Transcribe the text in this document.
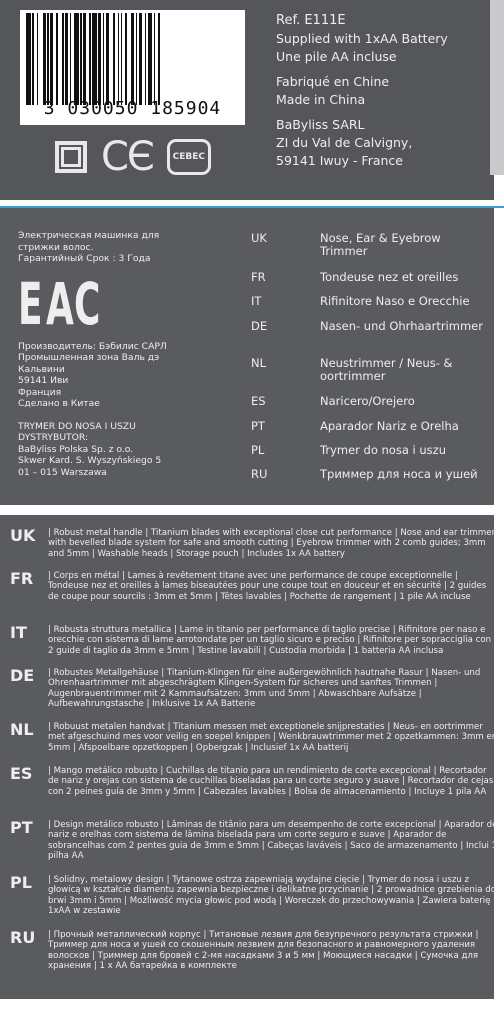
3 030050 185904
CЄ	CEBEC
Ref. E111E
Supplied with 1xAA Battery
Une pile AA incluse
Fabriqué en Chine
Made in China
BaByliss SARL
ZI du Val de Calvigny,
59141 Iwuy - France
Электрическая машинка для
стрижки волос.
Гарантийный Срок : 3 Года
E A C
Производитель: Бэбилис САРЛ
Промышленная зона Валь дэ
Кальвини
59141 Иви
Франция
Сделано в Китае
TRYMER DO NOSA I USZU
DYSTRYBUTOR:
BaByliss Polska Sp. z o.o.
Skwer Kard. S. Wyszyńskiego 5
01 – 015 Warszawa
UK	Nose, Ear & Eyebrow Trimmer
FR	Tondeuse nez et oreilles
IT	Rifinitore Naso e Orecchie
DE	Nasen- und Ohrhaartrimmer
NL	Neustrimmer / Neus- & oortrimmer
ES	Naricero/Orejero
PT	Aparador Nariz e Orelha
PL	Trymer do nosa i uszu
RU	Триммер для носа и ушей
UK | Robust metal handle | Titanium blades with exceptional close cut performance | Nose and ear trimmer with bevelled blade system for safe and smooth cutting | Eyebrow trimmer with 2 comb guides; 3mm and 5mm | Washable heads | Storage pouch | Includes 1x AA battery
FR | Corps en métal | Lames à revêtement titane avec une performance de coupe exceptionnelle | Tondeuse nez et oreilles à lames biseautées pour une coupe tout en douceur et en sécurité | 2 guides de coupe pour sourcils : 3mm et 5mm | Têtes lavables | Pochette de rangement | 1 pile AA incluse
IT | Robusta struttura metallica | Lame in titanio per performance di taglio precise | Rifinitore per naso e orecchie con sistema di lame arrotondate per un taglio sicuro e preciso | Rifinitore per sopracciglia con 2 guide di taglio da 3mm e 5mm | Testine lavabili | Custodia morbida | 1 batteria AA inclusa
DE | Robustes Metallgehäuse | Titanium-Klingen für eine außergewöhnlich hautnahe Rasur | Nasen- und Ohrenhaartrimmer mit abgeschrägtem Klingen-System für sicheres und sanftes Trimmen | Augenbrauentrimmer mit 2 Kammaufsätzen: 3mm und 5mm | Abwaschbare Aufsätze | Aufbewahrungstasche | Inklusive 1x AA Batterie
NL | Robuust metalen handvat | Titanium messen met exceptionele snijprestaties | Neus- en oortrimmer met afgeschuind mes voor veilig en soepel knippen | Wenkbrauwtrimmer met 2 opzetkammen: 3mm en 5mm | Afspoelbare opzetkoppen | Opbergzak | Inclusief 1x AA batterij
ES | Mango metálico robusto | Cuchillas de titanio para un rendimiento de corte excepcional | Recortador de nariz y orejas con sistema de cuchillas biseladas para un corte seguro y suave | Recortador de cejas con 2 peines guía de 3mm y 5mm | Cabezales lavables | Bolsa de almacenamiento | Incluye 1 pila AA
PT | Design metálico robusto | Lâminas de titânio para um desempenho de corte excepcional | Aparador de nariz e orelhas com sistema de lâmina biselada para um corte seguro e suave | Aparador de sobrancelhas com 2 pentes guia de 3mm e 5mm | Cabeças laváveis | Saco de armazenamento | Inclui 1 pilha AA
PL | Solidny, metalowy design | Tytanowe ostrza zapewniają wydajne cięcie | Trymer do nosa i uszu z głowicą w kształcie diamentu zapewnia bezpieczne i delikatne przycinanie | 2 prowadnice grzebienia do brwi 3mm i 5mm | Możliwość mycia głowic pod wodą | Woreczek do przechowywania | Zawiera baterię 1xAA w zestawie
RU | Прочный металлический корпус | Титановые лезвия для безупречного результата стрижки | Триммер для носа и ушей со скошенным лезвием для безопасного и равномерного удаления волосков | Триммер для бровей с 2-мя насадками 3 и 5 мм | Моющиеся насадки | Сумочка для хранения | 1 x АА батарейка в комплекте
